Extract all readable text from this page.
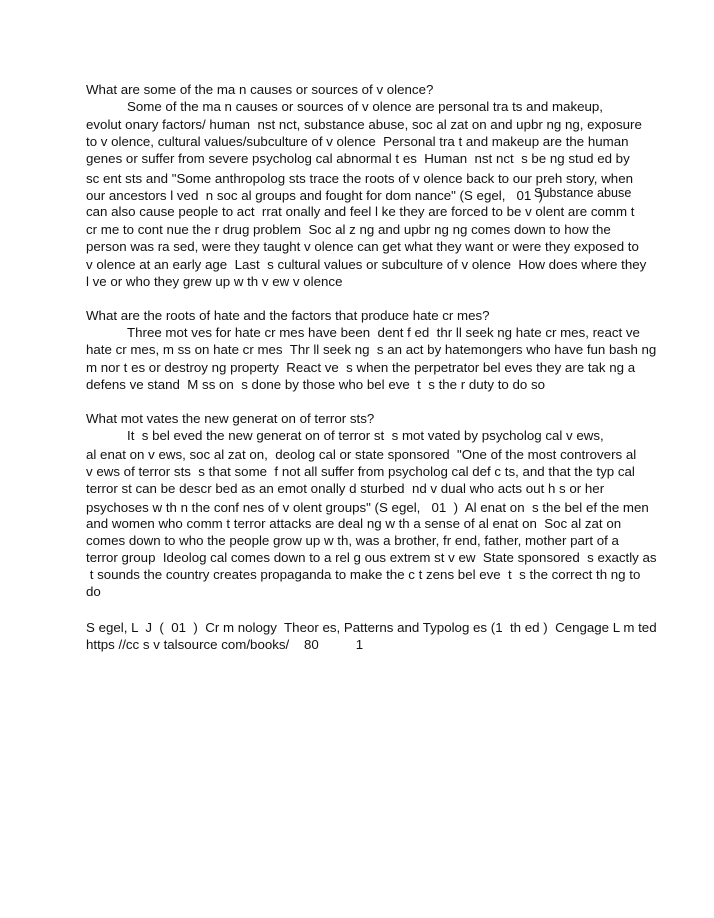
What are some of the ma n causes or sources of v olence?
Some of the ma n causes or sources of v olence are personal tra ts and makeup,
evolut onary factors/ human  nst nct, substance abuse, soc al zat on and upbr ng ng, exposure
to v olence, cultural values/subculture of v olence  Personal tra t and makeup are the human
genes or suffer from severe psycholog cal abnormal t es  Human  nst nct  s be ng stud ed by
sc ent sts and "Some anthropolog sts trace the roots of v olence back to our preh story, when
our ancestors l ved  n soc al groups and fought for dom nance" (S egel,   01  )
Substance abuse
can also cause people to act  rrat onally and feel l ke they are forced to be v olent are comm t
cr me to cont nue the r drug problem  Soc al z ng and upbr ng ng comes down to how the
person was ra sed, were they taught v olence can get what they want or were they exposed to
v olence at an early age  Last  s cultural values or subculture of v olence  How does where they
l ve or who they grew up w th v ew v olence
What are the roots of hate and the factors that produce hate cr mes?
Three mot ves for hate cr mes have been  dent f ed  thr ll seek ng hate cr mes, react ve
hate cr mes, m ss on hate cr mes  Thr ll seek ng  s an act by hatemongers who have fun bash ng
m nor t es or destroy ng property  React ve  s when the perpetrator bel eves they are tak ng a
defens ve stand  M ss on  s done by those who bel eve  t  s the r duty to do so
What mot vates the new generat on of terror sts?
It  s bel eved the new generat on of terror st  s mot vated by psycholog cal v ews,
al enat on v ews, soc al zat on,  deolog cal or state sponsored  "One of the most controvers al
v ews of terror sts  s that some  f not all suffer from psycholog cal def c ts, and that the typ cal
terror st can be descr bed as an emot onally d sturbed  nd v dual who acts out h s or her
psychoses w th n the conf nes of v olent groups" (S egel,   01  )  Al enat on  s the bel ef the men
and women who comm t terror attacks are deal ng w th a sense of al enat on  Soc al zat on
comes down to who the people grow up w th, was a brother, fr end, father, mother part of a
terror group  Ideolog cal comes down to a rel g ous extrem st v ew  State sponsored  s exactly as
t sounds the country creates propaganda to make the c t zens bel eve  t  s the correct th ng to
do
S egel, L  J  (  01  )  Cr m nology  Theor es, Patterns and Typolog es (1  th ed )  Cengage L m ted
https //cc s v talsource com/books/    80          1
